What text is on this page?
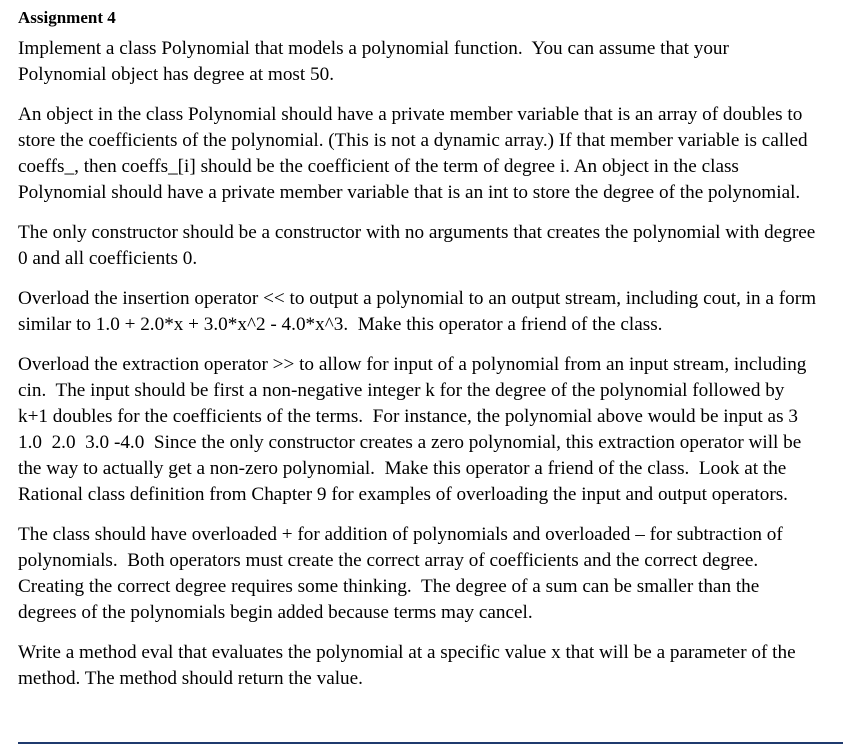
Assignment 4

Implement a class Polynomial that models a polynomial function.  You can assume that your Polynomial object has degree at most 50.

An object in the class Polynomial should have a private member variable that is an array of doubles to store the coefficients of the polynomial. (This is not a dynamic array.) If that member variable is called coeffs_, then coeffs_[i] should be the coefficient of the term of degree i. An object in the class Polynomial should have a private member variable that is an int to store the degree of the polynomial.

The only constructor should be a constructor with no arguments that creates the polynomial with degree 0 and all coefficients 0.

Overload the insertion operator << to output a polynomial to an output stream, including cout, in a form similar to 1.0 + 2.0*x + 3.0*x^2 - 4.0*x^3.  Make this operator a friend of the class.

Overload the extraction operator >> to allow for input of a polynomial from an input stream, including cin.  The input should be first a non-negative integer k for the degree of the polynomial followed by k+1 doubles for the coefficients of the terms.  For instance, the polynomial above would be input as 3  1.0  2.0  3.0 -4.0  Since the only constructor creates a zero polynomial, this extraction operator will be the way to actually get a non-zero polynomial.  Make this operator a friend of the class.  Look at the Rational class definition from Chapter 9 for examples of overloading the input and output operators.

The class should have overloaded + for addition of polynomials and overloaded – for subtraction of polynomials.  Both operators must create the correct array of coefficients and the correct degree.  Creating the correct degree requires some thinking.  The degree of a sum can be smaller than the degrees of the polynomials begin added because terms may cancel.

Write a method eval that evaluates the polynomial at a specific value x that will be a parameter of the method. The method should return the value.
